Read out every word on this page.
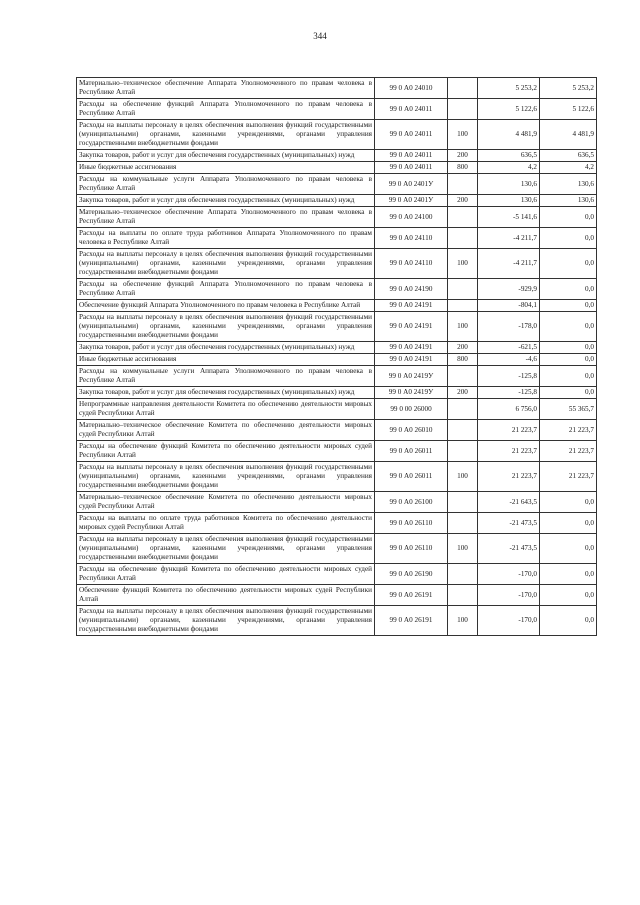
344
Материально–техническое обеспечение Аппарата Уполномоченного по правам человека в Республике Алтай	99 0 А0 24010		5 253,2	5 253,2
Расходы на обеспечение функций Аппарата Уполномоченного по правам человека в Республике Алтай	99 0 А0 24011		5 122,6	5 122,6
Расходы на выплаты персоналу в целях обеспечения выполнения функций государственными (муниципальными) органами, казенными учреждениями, органами управления государственными внебюджетными фондами	99 0 А0 24011	100	4 481,9	4 481,9
Закупка товаров, работ и услуг для обеспечения государственных (муниципальных) нужд	99 0 А0 24011	200	636,5	636,5
Иные бюджетные ассигнования	99 0 А0 24011	800	4,2	4,2
Расходы на коммунальные услуги Аппарата Уполномоченного по правам человека в Республике Алтай	99 0 А0 2401У		130,6	130,6
Закупка товаров, работ и услуг для обеспечения государственных (муниципальных) нужд	99 0 А0 2401У	200	130,6	130,6
Материально–техническое обеспечение Аппарата Уполномоченного по правам человека в Республике Алтай	99 0 А0 24100		-5 141,6	0,0
Расходы на выплаты по оплате труда работников Аппарата Уполномоченного по правам человека в Республике Алтай	99 0 А0 24110		-4 211,7	0,0
Расходы на выплаты персоналу в целях обеспечения выполнения функций государственными (муниципальными) органами, казенными учреждениями, органами управления государственными внебюджетными фондами	99 0 А0 24110	100	-4 211,7	0,0
Расходы на обеспечение функций Аппарата Уполномоченного по правам человека в Республике Алтай	99 0 А0 24190		-929,9	0,0
Обеспечение функций Аппарата Уполномоченного по правам человека в Республике Алтай	99 0 А0 24191		-804,1	0,0
Расходы на выплаты персоналу в целях обеспечения выполнения функций государственными (муниципальными) органами, казенными учреждениями, органами управления государственными внебюджетными фондами	99 0 А0 24191	100	-178,0	0,0
Закупка товаров, работ и услуг для обеспечения государственных (муниципальных) нужд	99 0 А0 24191	200	-621,5	0,0
Иные бюджетные ассигнования	99 0 А0 24191	800	-4,6	0,0
Расходы на коммунальные услуги Аппарата Уполномоченного по правам человека в Республике Алтай	99 0 А0 2419У		-125,8	0,0
Закупка товаров, работ и услуг для обеспечения государственных (муниципальных) нужд	99 0 А0 2419У	200	-125,8	0,0
Непрограммные направления деятельности Комитета по обеспечению деятельности мировых судей Республики Алтай	99 0 00 26000		6 756,0	55 365,7
Материально–техническое обеспечение Комитета по обеспечению деятельности мировых судей Республики Алтай	99 0 А0 26010		21 223,7	21 223,7
Расходы на обеспечение функций Комитета по обеспечению деятельности мировых судей Республики Алтай	99 0 А0 26011		21 223,7	21 223,7
Расходы на выплаты персоналу в целях обеспечения выполнения функций государственными (муниципальными) органами, казенными учреждениями, органами управления государственными внебюджетными фондами	99 0 А0 26011	100	21 223,7	21 223,7
Материально–техническое обеспечение Комитета по обеспечению деятельности мировых судей Республики Алтай	99 0 А0 26100		-21 643,5	0,0
Расходы на выплаты по оплате труда работников Комитета по обеспечению деятельности мировых судей Республики Алтай	99 0 А0 26110		-21 473,5	0,0
Расходы на выплаты персоналу в целях обеспечения выполнения функций государственными (муниципальными) органами, казенными учреждениями, органами управления государственными внебюджетными фондами	99 0 А0 26110	100	-21 473,5	0,0
Расходы на обеспечение функций Комитета по обеспечению деятельности мировых судей Республики Алтай	99 0 А0 26190		-170,0	0,0
Обеспечение функций Комитета по обеспечению деятельности мировых судей Республики Алтай	99 0 А0 26191		-170,0	0,0
Расходы на выплаты персоналу в целях обеспечения выполнения функций государственными (муниципальными) органами, казенными учреждениями, органами управления государственными внебюджетными фондами	99 0 А0 26191	100	-170,0	0,0
